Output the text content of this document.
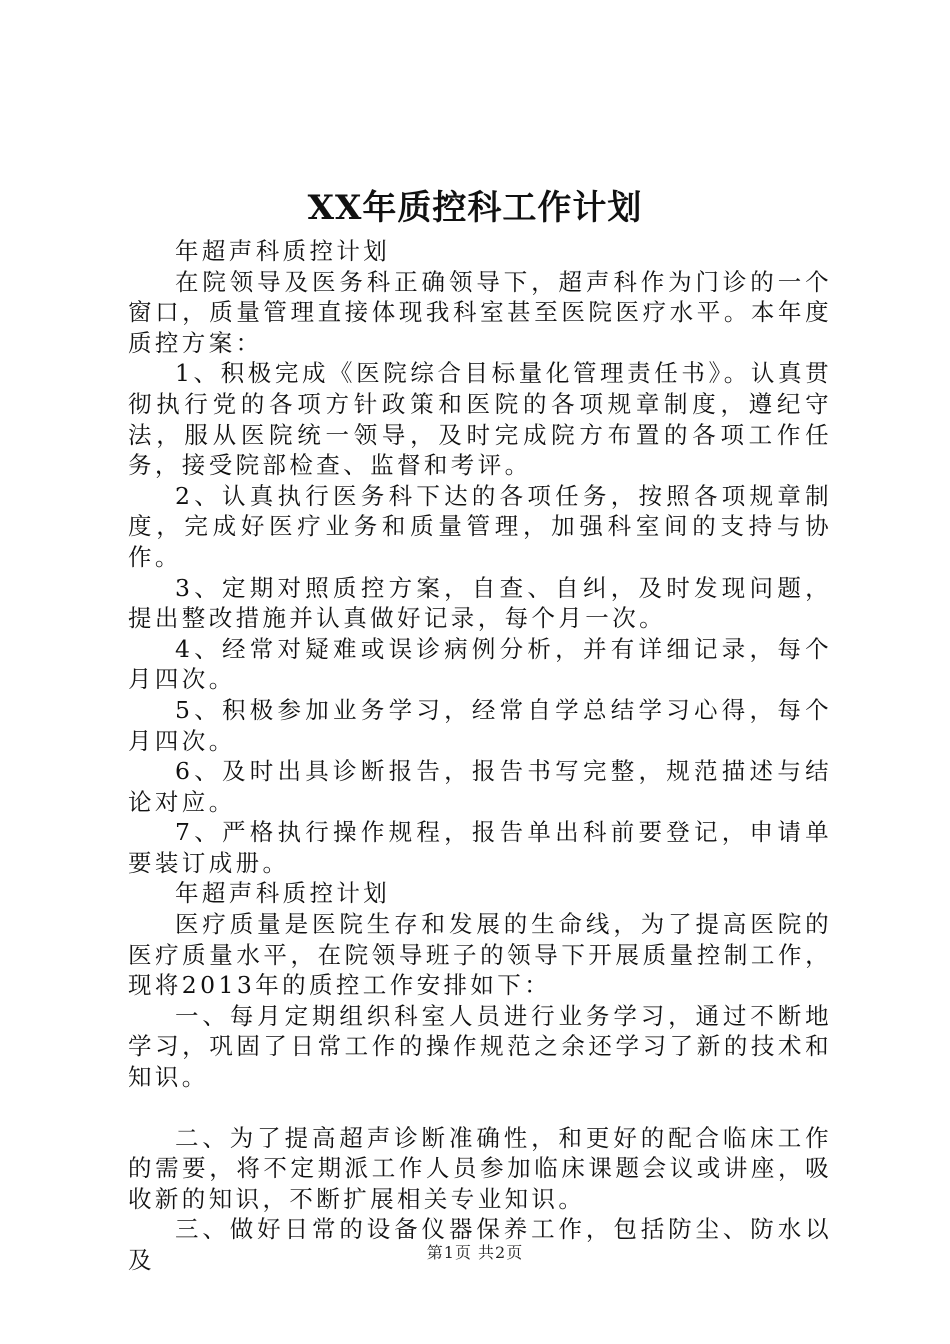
XX年质控科工作计划

年超声科质控计划

在院领导及医务科正确领导下，超声科作为门诊的一个窗口，质量管理直接体现我科室甚至医院医疗水平。本年度质控方案：

1、积极完成《医院综合目标量化管理责任书》。认真贯彻执行党的各项方针政策和医院的各项规章制度，遵纪守法，服从医院统一领导，及时完成院方布置的各项工作任务，接受院部检查、监督和考评。

2、认真执行医务科下达的各项任务，按照各项规章制度，完成好医疗业务和质量管理，加强科室间的支持与协作。

3、定期对照质控方案，自查、自纠，及时发现问题，提出整改措施并认真做好记录，每个月一次。

4、经常对疑难或误诊病例分析，并有详细记录，每个月四次。

5、积极参加业务学习，经常自学总结学习心得，每个月四次。

6、及时出具诊断报告，报告书写完整，规范描述与结论对应。

7、严格执行操作规程，报告单出科前要登记，申请单要装订成册。

年超声科质控计划

医疗质量是医院生存和发展的生命线，为了提高医院的医疗质量水平，在院领导班子的领导下开展质量控制工作，现将2013年的质控工作安排如下：

一、每月定期组织科室人员进行业务学习，通过不断地学习，巩固了日常工作的操作规范之余还学习了新的技术和知识。

二、为了提高超声诊断准确性，和更好的配合临床工作的需要，将不定期派工作人员参加临床课题会议或讲座，吸收新的知识，不断扩展相关专业知识。

三、做好日常的设备仪器保养工作，包括防尘、防水以及	第1页 共2页
